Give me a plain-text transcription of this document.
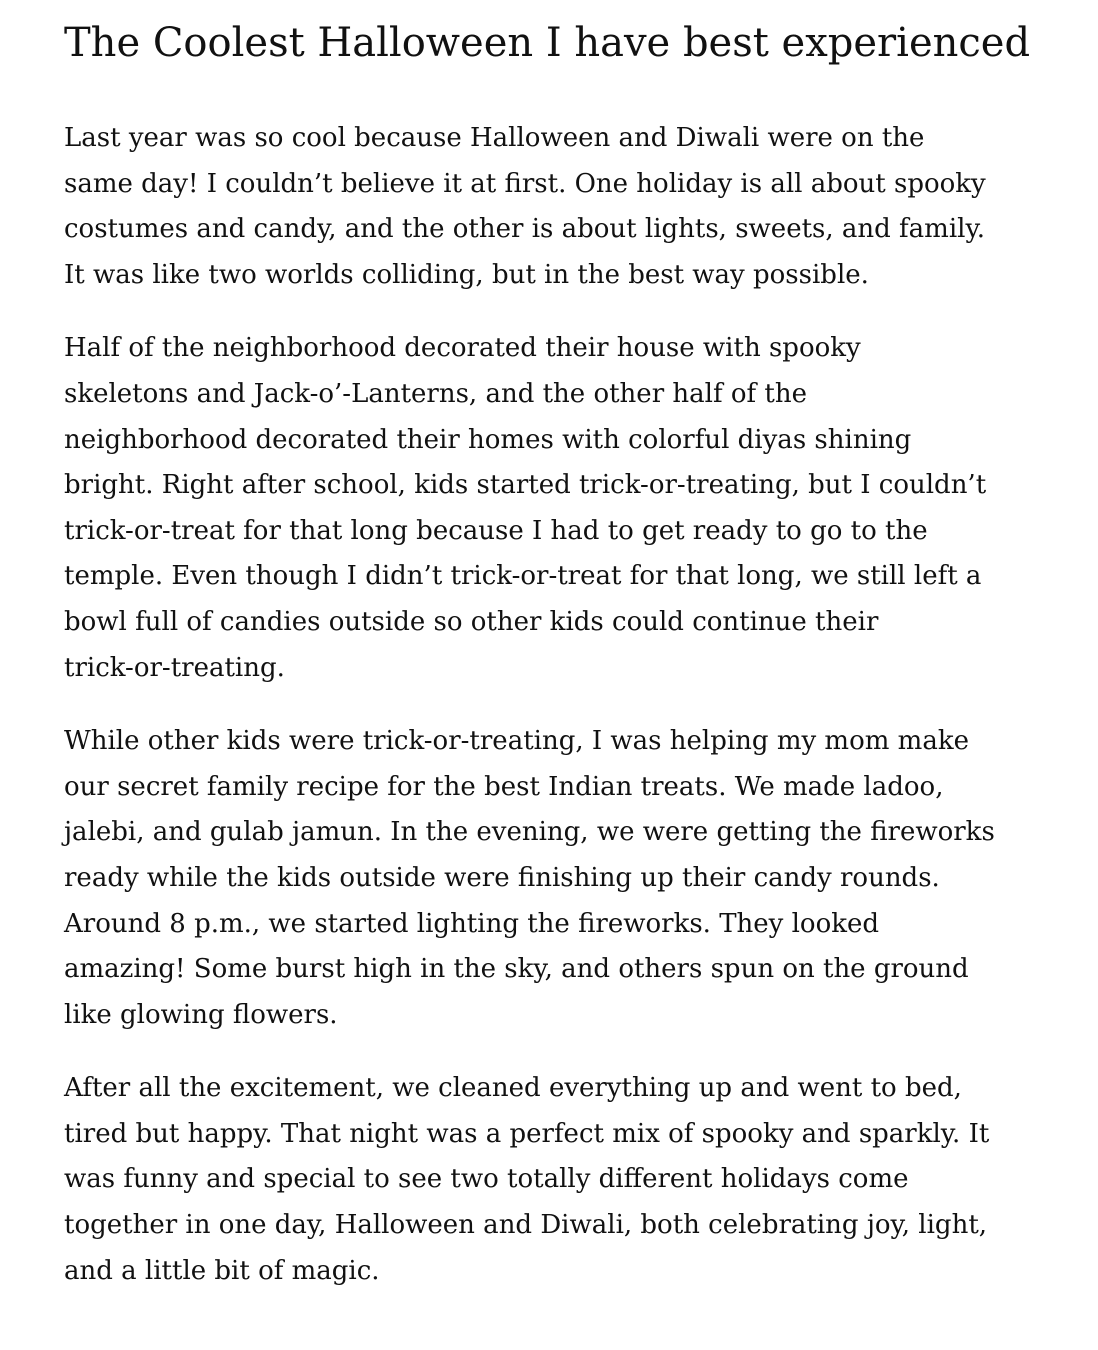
The Coolest Halloween I have best experienced

Last year was so cool because Halloween and Diwali were on the
same day! I couldn’t believe it at first. One holiday is all about spooky
costumes and candy, and the other is about lights, sweets, and family.
It was like two worlds colliding, but in the best way possible.

Half of the neighborhood decorated their house with spooky
skeletons and Jack-o’-Lanterns, and the other half of the
neighborhood decorated their homes with colorful diyas shining
bright. Right after school, kids started trick-or-treating, but I couldn’t
trick-or-treat for that long because I had to get ready to go to the
temple. Even though I didn’t trick-or-treat for that long, we still left a
bowl full of candies outside so other kids could continue their
trick-or-treating.

While other kids were trick-or-treating, I was helping my mom make
our secret family recipe for the best Indian treats. We made ladoo,
jalebi, and gulab jamun. In the evening, we were getting the fireworks
ready while the kids outside were finishing up their candy rounds.
Around 8 p.m., we started lighting the fireworks. They looked
amazing! Some burst high in the sky, and others spun on the ground
like glowing flowers.

After all the excitement, we cleaned everything up and went to bed,
tired but happy. That night was a perfect mix of spooky and sparkly. It
was funny and special to see two totally different holidays come
together in one day, Halloween and Diwali, both celebrating joy, light,
and a little bit of magic.
